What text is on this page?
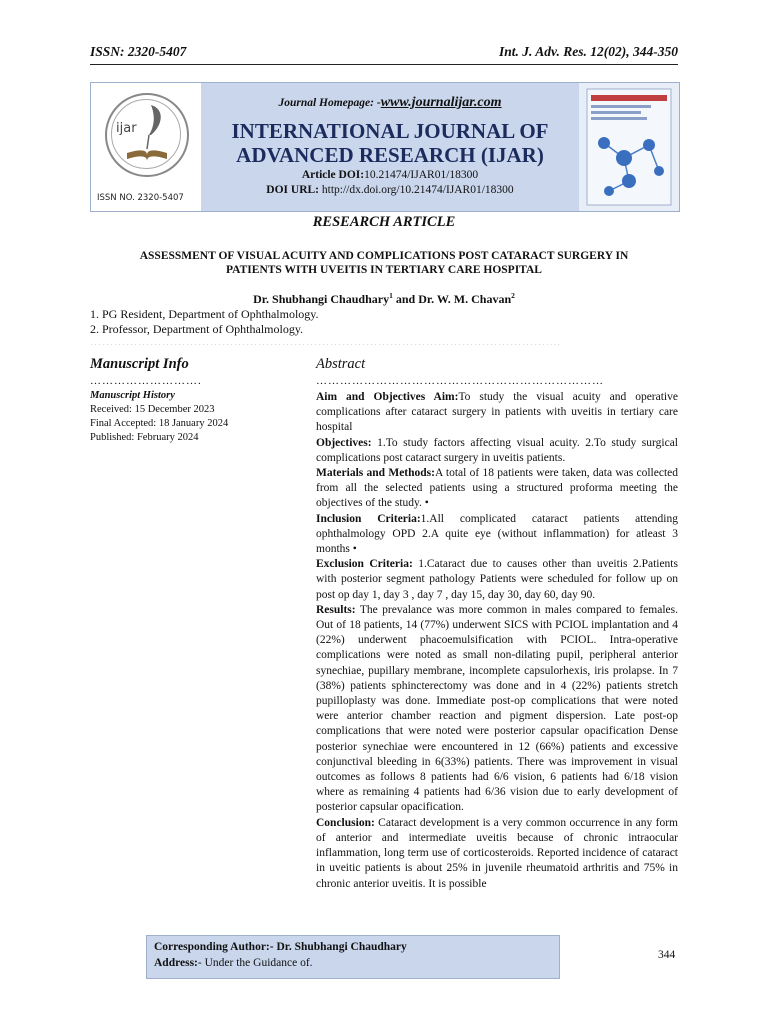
ISSN: 2320-5407	Int. J. Adv. Res. 12(02), 344-350
ijar
ISSN NO. 2320-5407
Journal Homepage: -www.journalijar.com
INTERNATIONAL JOURNAL OF
ADVANCED RESEARCH (IJAR)
Article DOI:10.21474/IJAR01/18300
DOI URL: http://dx.doi.org/10.21474/IJAR01/18300
RESEARCH ARTICLE
ASSESSMENT OF VISUAL ACUITY AND COMPLICATIONS POST CATARACT SURGERY IN
PATIENTS WITH UVEITIS IN TERTIARY CARE HOSPITAL
Dr. Shubhangi Chaudhary$^1$ and Dr. W. M. Chavan$^2$
1. PG Resident, Department of Ophthalmology.
2. Professor, Department of Ophthalmology.
……………………………………………………………………………………………………....
Manuscript Info
……………………….
Manuscript History
Received: 15 December 2023
Final Accepted: 18 January 2024
Published: February 2024
Abstract
………………………………………………………………

Aim and Objectives Aim:To study the visual acuity and operative complications after cataract surgery in patients with uveitis in tertiary care hospital

Objectives: 1.To study factors affecting visual acuity. 2.To study surgical complications post cataract surgery in uveitis patients.

Materials and Methods:A total of 18 patients were taken, data was collected from all the selected patients using a structured proforma meeting the objectives of the study. •

Inclusion Criteria:1.All complicated cataract patients attending ophthalmology OPD 2.A quite eye (without inflammation) for atleast 3 months •

Exclusion Criteria: 1.Cataract due to causes other than uveitis 2.Patients with posterior segment pathology Patients were scheduled for follow up on post op day 1, day 3 , day 7 , day 15, day 30, day 60, day 90.

Results: The prevalance was more common in males compared to females. Out of 18 patients, 14 (77%) underwent SICS with PCIOL implantation and 4 (22%) underwent phacoemulsification with PCIOL. Intra-operative complications were noted as small non-dilating pupil, peripheral anterior synechiae, pupillary membrane, incomplete capsulorhexis, iris prolapse. In 7 (38%) patients sphincterectomy was done and in 4 (22%) patients stretch pupilloplasty was done. Immediate post-op complications that were noted were anterior chamber reaction and pigment dispersion. Late post-op complications that were noted were posterior capsular opacification Dense posterior synechiae were encountered in 12 (66%) patients and excessive conjunctival bleeding in 6(33%) patients. There was improvement in visual outcomes as follows 8 patients had 6/6 vision, 6 patients had 6/18 vision where as remaining 4 patients had 6/36 vision due to early development of posterior capsular opacification.

Conclusion: Cataract development is a very common occurrence in any form of anterior and intermediate uveitis because of chronic intraocular inflammation, long term use of corticosteroids. Reported incidence of cataract in uveitic patients is about 25% in juvenile rheumatoid arthritis and 75% in chronic anterior uveitis. It is possible

Corresponding Author:- Dr. Shubhangi Chaudhary
Address:- Under the Guidance of.
344
